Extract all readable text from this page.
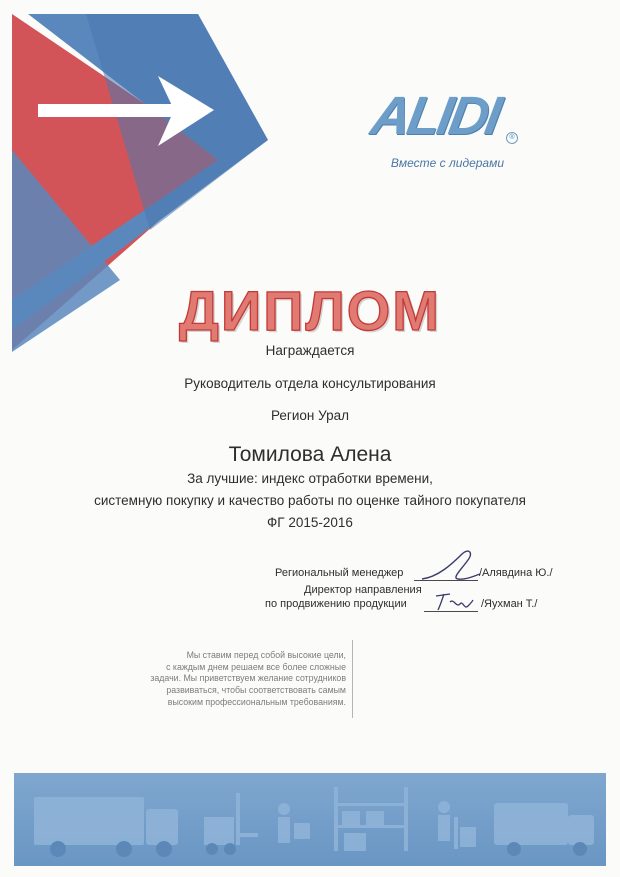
ALIDI ®
Вместе с лидерами
ДИПЛОМ
Награждается
Руководитель отдела консультирования
Регион Урал
Томилова Алена
За лучшие: индекс отработки времени,
системную покупку и качество работы по оценке тайного покупателя
ФГ 2015-2016
Региональный менеджер	/Алявдина Ю./
Директор направления
по продвижению продукции	/Яухман Т./
Мы ставим перед собой высокие цели,
с каждым днем решаем все более сложные
задачи. Мы приветствуем желание сотрудников
развиваться, чтобы соответствовать самым
высоким профессиональным требованиям.
